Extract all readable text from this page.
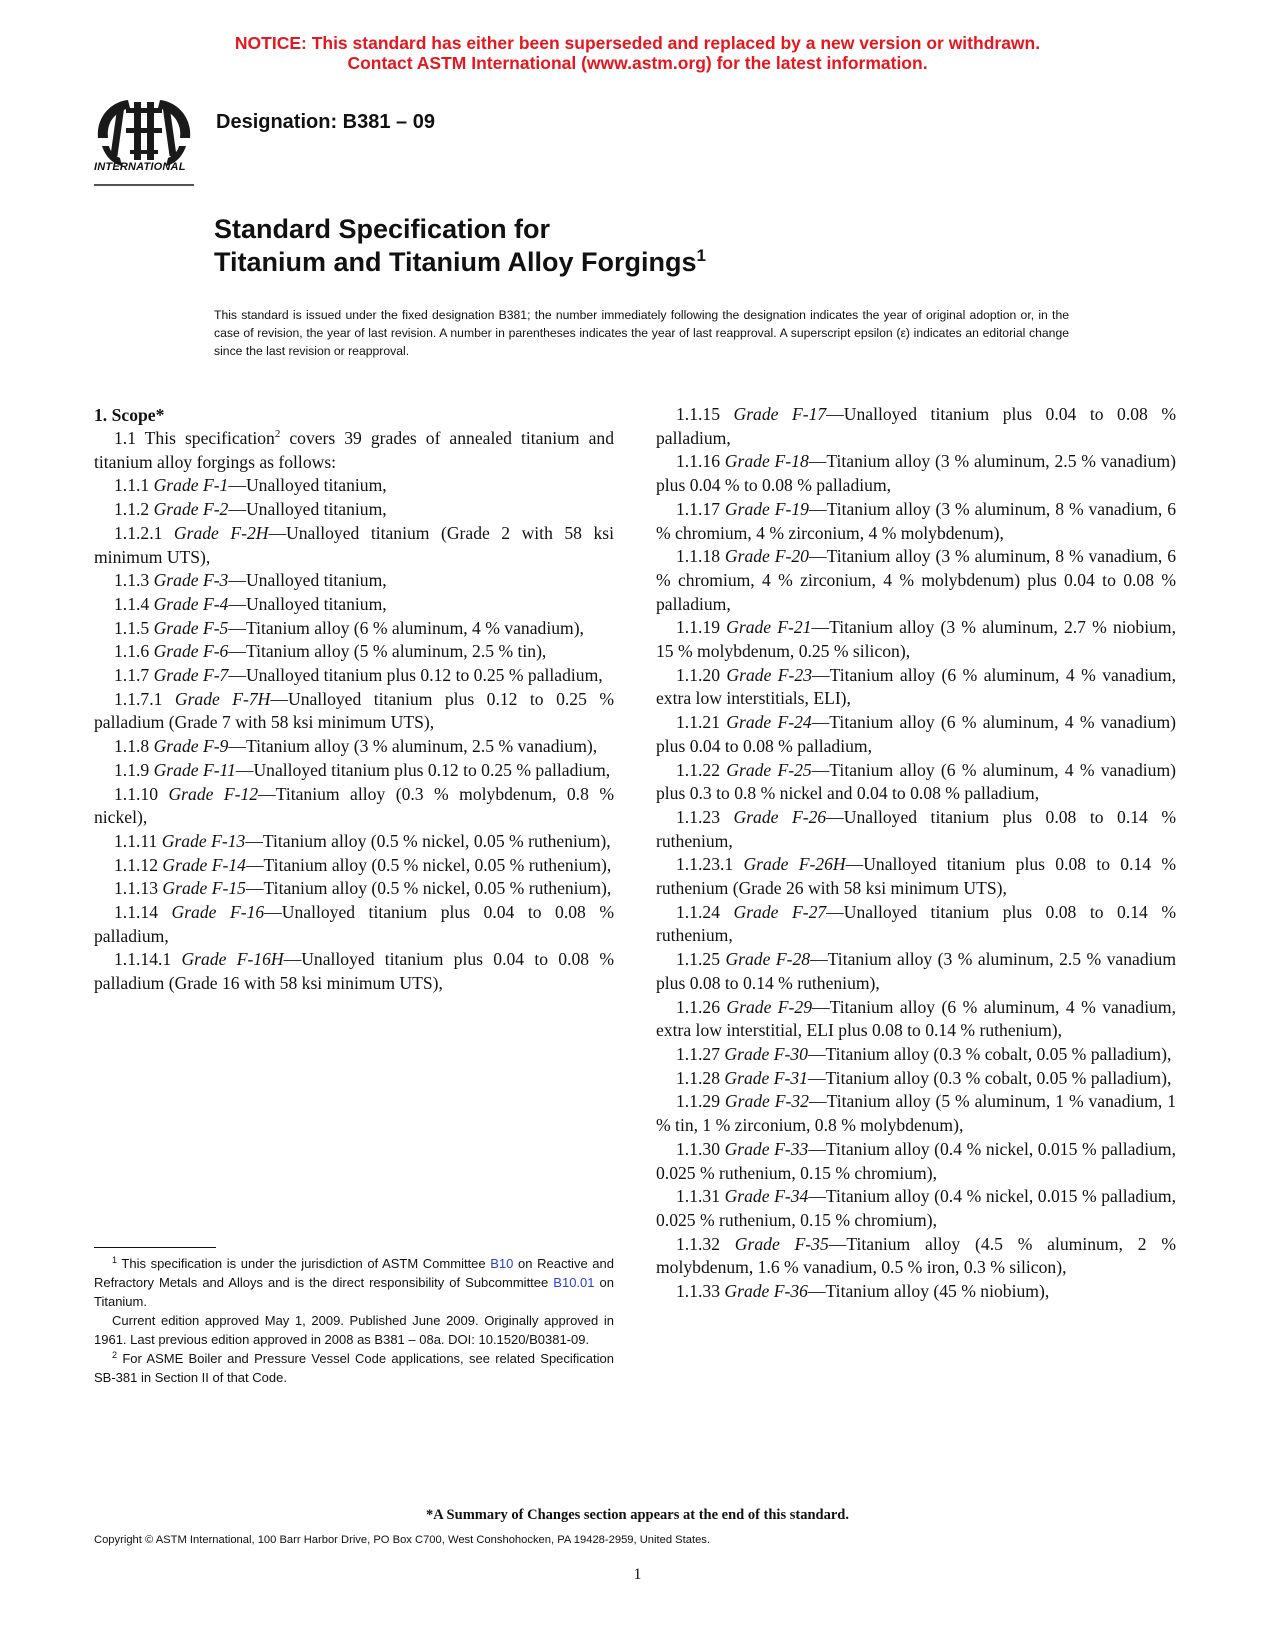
NOTICE: This standard has either been superseded and replaced by a new version or withdrawn.
Contact ASTM International (www.astm.org) for the latest information.
INTERNATIONAL
Designation: B381 – 09
Standard Specification for
Titanium and Titanium Alloy Forgings$^1$
This standard is issued under the fixed designation B381; the number immediately following the designation indicates the year of original adoption or, in the case of revision, the year of last revision. A number in parentheses indicates the year of last reapproval. A superscript epsilon (ε) indicates an editorial change since the last revision or reapproval.
1. Scope*

1.1 This specification$^2$ covers 39 grades of annealed titanium and titanium alloy forgings as follows:

1.1.1 Grade F-1—Unalloyed titanium,

1.1.2 Grade F-2—Unalloyed titanium,

1.1.2.1 Grade F-2H—Unalloyed titanium (Grade 2 with 58 ksi minimum UTS),

1.1.3 Grade F-3—Unalloyed titanium,

1.1.4 Grade F-4—Unalloyed titanium,

1.1.5 Grade F-5—Titanium alloy (6 % aluminum, 4 % vanadium),

1.1.6 Grade F-6—Titanium alloy (5 % aluminum, 2.5 % tin),

1.1.7 Grade F-7—Unalloyed titanium plus 0.12 to 0.25 % palladium,

1.1.7.1 Grade F-7H—Unalloyed titanium plus 0.12 to 0.25 % palladium (Grade 7 with 58 ksi minimum UTS),

1.1.8 Grade F-9—Titanium alloy (3 % aluminum, 2.5 % vanadium),

1.1.9 Grade F-11—Unalloyed titanium plus 0.12 to 0.25 % palladium,

1.1.10 Grade F-12—Titanium alloy (0.3 % molybdenum, 0.8 % nickel),

1.1.11 Grade F-13—Titanium alloy (0.5 % nickel, 0.05 % ruthenium),

1.1.12 Grade F-14—Titanium alloy (0.5 % nickel, 0.05 % ruthenium),

1.1.13 Grade F-15—Titanium alloy (0.5 % nickel, 0.05 % ruthenium),

1.1.14 Grade F-16—Unalloyed titanium plus 0.04 to 0.08 % palladium,

1.1.14.1 Grade F-16H—Unalloyed titanium plus 0.04 to 0.08 % palladium (Grade 16 with 58 ksi minimum UTS),

1.1.15 Grade F-17—Unalloyed titanium plus 0.04 to 0.08 % palladium,

1.1.16 Grade F-18—Titanium alloy (3 % aluminum, 2.5 % vanadium) plus 0.04 % to 0.08 % palladium,

1.1.17 Grade F-19—Titanium alloy (3 % aluminum, 8 % vanadium, 6 % chromium, 4 % zirconium, 4 % molybdenum),

1.1.18 Grade F-20—Titanium alloy (3 % aluminum, 8 % vanadium, 6 % chromium, 4 % zirconium, 4 % molybdenum) plus 0.04 to 0.08 % palladium,

1.1.19 Grade F-21—Titanium alloy (3 % aluminum, 2.7 % niobium, 15 % molybdenum, 0.25 % silicon),

1.1.20 Grade F-23—Titanium alloy (6 % aluminum, 4 % vanadium, extra low interstitials, ELI),

1.1.21 Grade F-24—Titanium alloy (6 % aluminum, 4 % vanadium) plus 0.04 to 0.08 % palladium,

1.1.22 Grade F-25—Titanium alloy (6 % aluminum, 4 % vanadium) plus 0.3 to 0.8 % nickel and 0.04 to 0.08 % palladium,

1.1.23 Grade F-26—Unalloyed titanium plus 0.08 to 0.14 % ruthenium,

1.1.23.1 Grade F-26H—Unalloyed titanium plus 0.08 to 0.14 % ruthenium (Grade 26 with 58 ksi minimum UTS),

1.1.24 Grade F-27—Unalloyed titanium plus 0.08 to 0.14 % ruthenium,

1.1.25 Grade F-28—Titanium alloy (3 % aluminum, 2.5 % vanadium plus 0.08 to 0.14 % ruthenium),

1.1.26 Grade F-29—Titanium alloy (6 % aluminum, 4 % vanadium, extra low interstitial, ELI plus 0.08 to 0.14 % ruthenium),

1.1.27 Grade F-30—Titanium alloy (0.3 % cobalt, 0.05 % palladium),

1.1.28 Grade F-31—Titanium alloy (0.3 % cobalt, 0.05 % palladium),

1.1.29 Grade F-32—Titanium alloy (5 % aluminum, 1 % vanadium, 1 % tin, 1 % zirconium, 0.8 % molybdenum),

1.1.30 Grade F-33—Titanium alloy (0.4 % nickel, 0.015 % palladium, 0.025 % ruthenium, 0.15 % chromium),

1.1.31 Grade F-34—Titanium alloy (0.4 % nickel, 0.015 % palladium, 0.025 % ruthenium, 0.15 % chromium),

1.1.32 Grade F-35—Titanium alloy (4.5 % aluminum, 2 % molybdenum, 1.6 % vanadium, 0.5 % iron, 0.3 % silicon),

1.1.33 Grade F-36—Titanium alloy (45 % niobium),

$^1$ This specification is under the jurisdiction of ASTM Committee B10 on Reactive and Refractory Metals and Alloys and is the direct responsibility of Subcommittee B10.01 on Titanium.

Current edition approved May 1, 2009. Published June 2009. Originally approved in 1961. Last previous edition approved in 2008 as B381 – 08a. DOI: 10.1520/B0381-09.

$^2$ For ASME Boiler and Pressure Vessel Code applications, see related Specification SB-381 in Section II of that Code.

*A Summary of Changes section appears at the end of this standard.
Copyright © ASTM International, 100 Barr Harbor Drive, PO Box C700, West Conshohocken, PA 19428-2959, United States.
1
